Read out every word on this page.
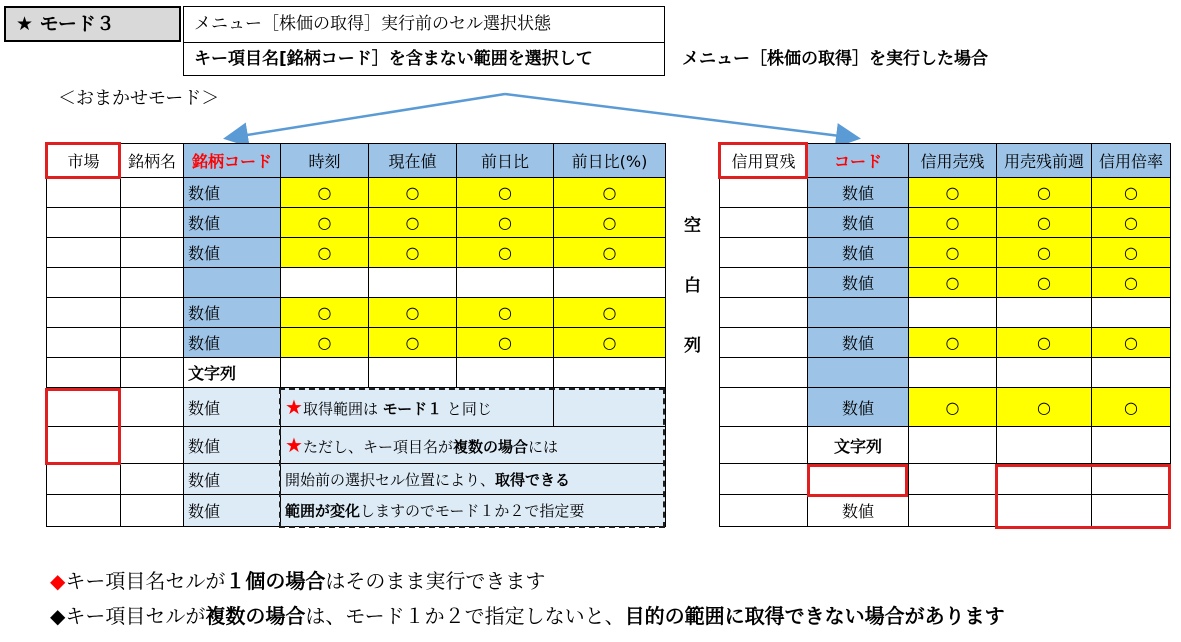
★ モード３	メニュー［株価の取得］実行前のセル選択状態
キー項目名[銘柄コード］を含まない範囲を選択して	メニュー［株価の取得］を実行した場合
＜おまかせモード＞
市場	銘柄名	銘柄コード	時刻	現在値	前日比	前日比(%)
		数値	○	○	○	○
		数値	○	○	○	○
		数値	○	○	○	○

		数値	○	○	○	○
		数値	○	○	○	○
		文字列				
		数値	★取得範囲は モード１ と同じ			
		数値	★ただし、キー項目名が複数の場合には			
		数値	開始前の選択セル位置により、取得できる			
		数値	範囲が変化しますのでモード１か２で指定要			
空
白
列
信用買残	コード	信用売残	用売残前週	信用倍率
	数値	○	○	○
	数値	○	○	○
	数値	○	○	○
	数値	○	○	○

	数値	○	○	○

	数値	○	○	○
	文字列			

	数値			
◆キー項目名セルが１個の場合はそのまま実行できます
◆キー項目セルが複数の場合は、モード１か２で指定しないと、目的の範囲に取得できない場合があります
